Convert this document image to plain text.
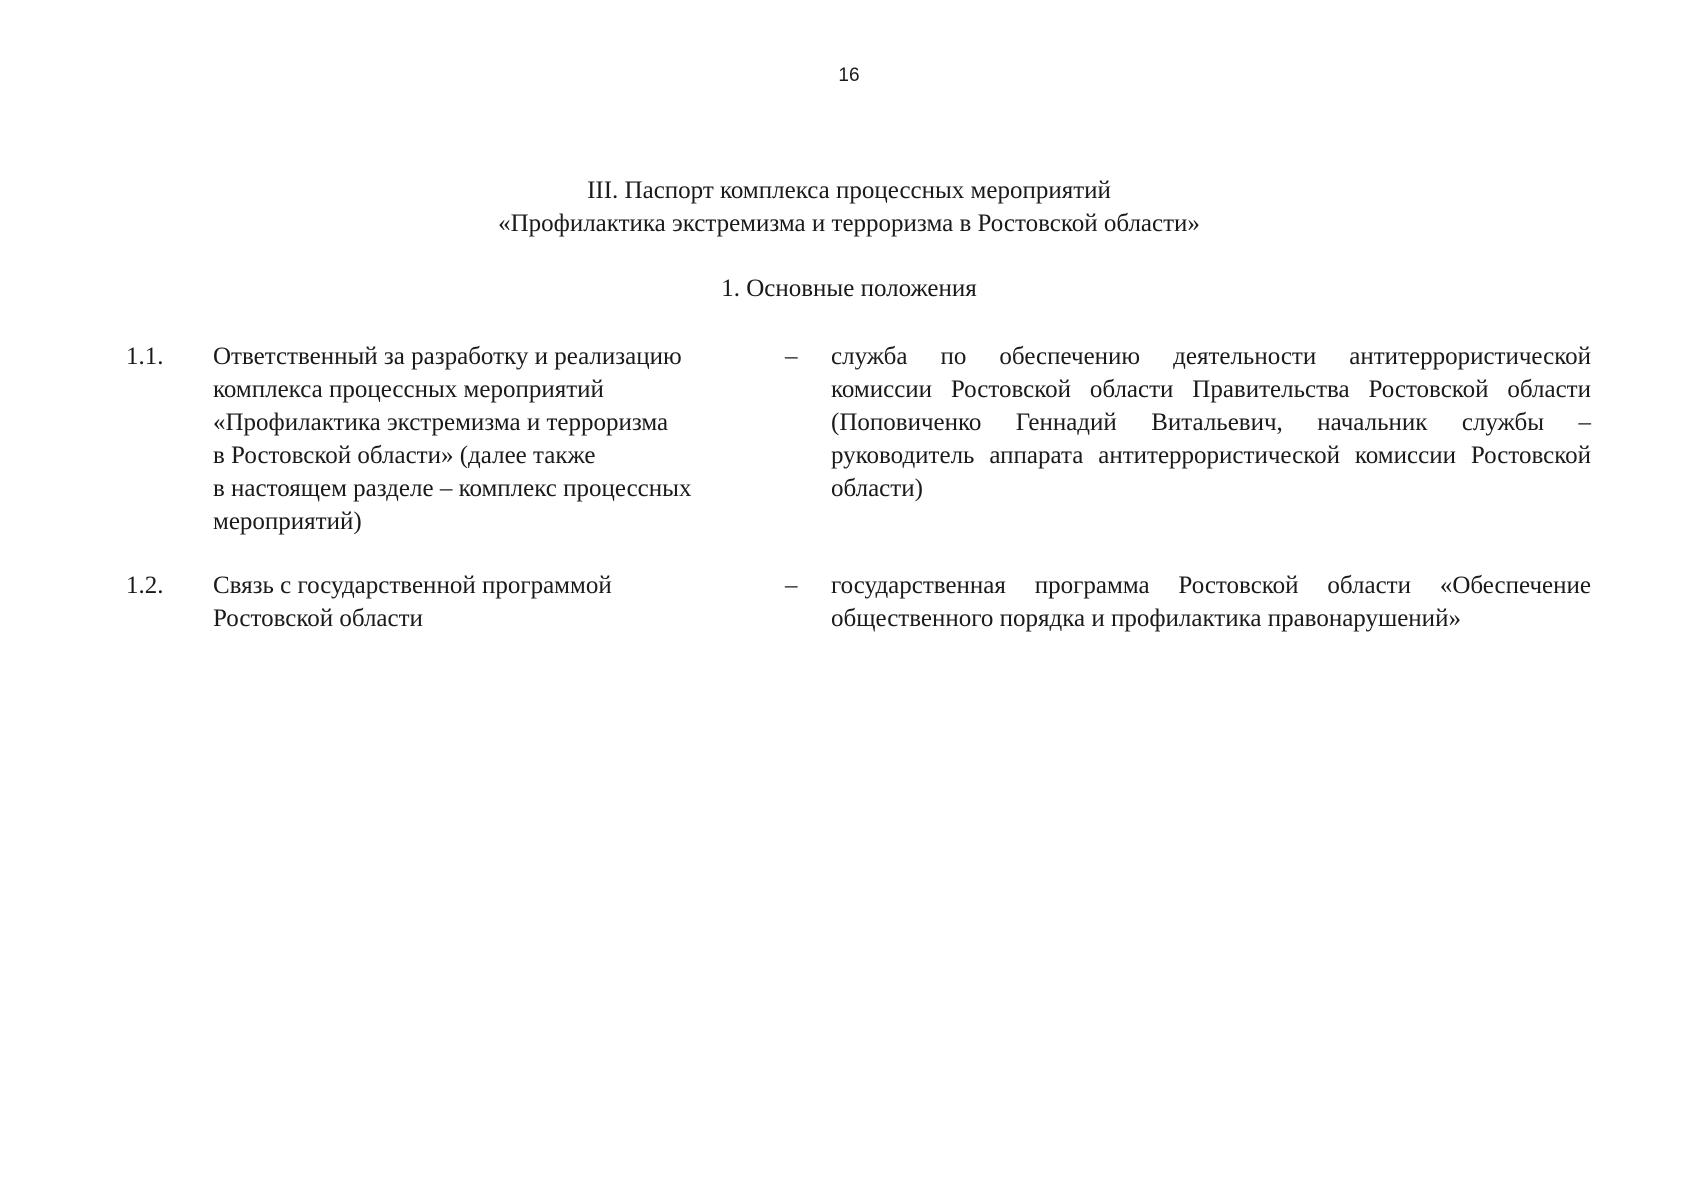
16
III. Паспорт комплекса процессных мероприятий
«Профилактика экстремизма и терроризма в Ростовской области»
1. Основные положения
1.1. Ответственный за разработку и реализацию
комплекса процессных мероприятий
«Профилактика экстремизма и терроризма
в Ростовской области» (далее также
в настоящем разделе – комплекс процессных
мероприятий)
– служба по обеспечению деятельности антитеррористической комиссии Ростовской области Правительства Ростовской области (Поповиченко Геннадий Витальевич, начальник службы – руководитель аппарата антитеррористической комиссии Ростовской области)
1.2. Связь с государственной программой
Ростовской области
– государственная программа Ростовской области «Обеспечение общественного порядка и профилактика правонарушений»
